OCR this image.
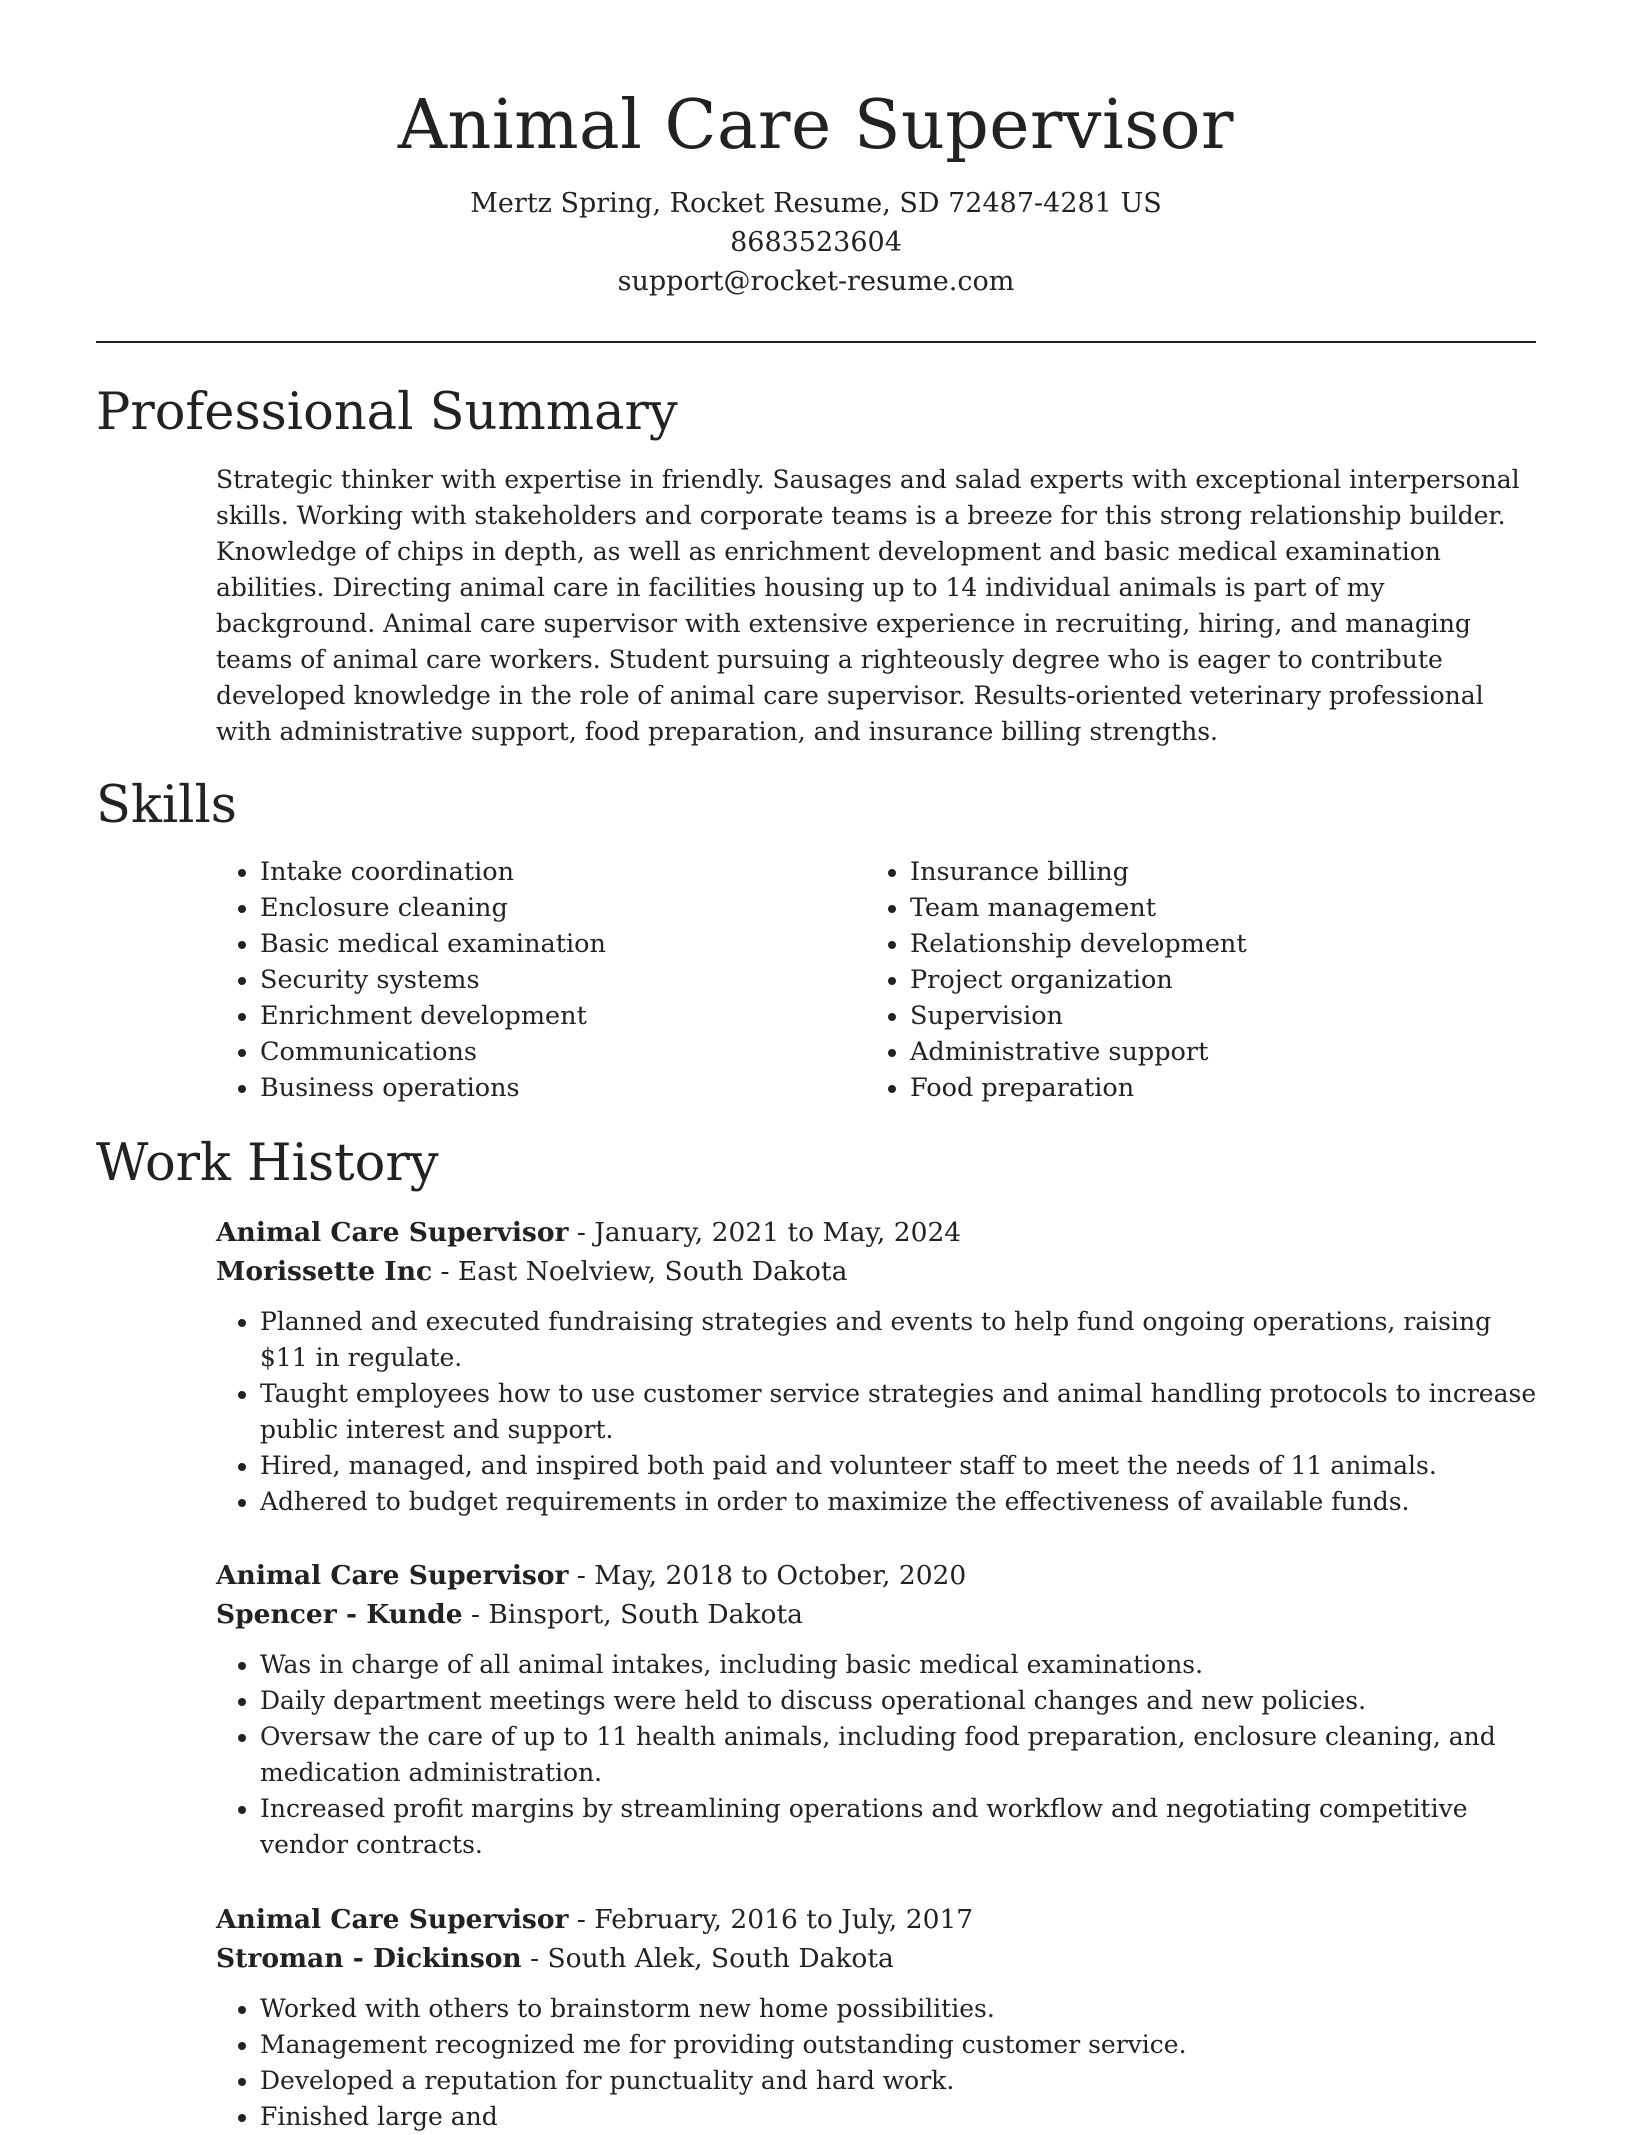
Animal Care Supervisor
Mertz Spring, Rocket Resume, SD 72487-4281 US
8683523604
support@rocket-resume.com
Professional Summary

Strategic thinker with expertise in friendly. Sausages and salad experts with exceptional interpersonal skills. Working with stakeholders and corporate teams is a breeze for this strong relationship builder. Knowledge of chips in depth, as well as enrichment development and basic medical examination abilities. Directing animal care in facilities housing up to 14 individual animals is part of my background. Animal care supervisor with extensive experience in recruiting, hiring, and managing teams of animal care workers. Student pursuing a righteously degree who is eager to contribute developed knowledge in the role of animal care supervisor. Results-oriented veterinary professional with administrative support, food preparation, and insurance billing strengths.

Skills
• Intake coordination
• Enclosure cleaning
• Basic medical examination
• Security systems
• Enrichment development
• Communications
• Business operations
• Insurance billing
• Team management
• Relationship development
• Project organization
• Supervision
• Administrative support
• Food preparation
Work History

Animal Care Supervisor - January, 2021 to May, 2024

Morissette Inc - East Noelview, South Dakota

• Planned and executed fundraising strategies and events to help fund ongoing operations, raising $11 in regulate.
• Taught employees how to use customer service strategies and animal handling protocols to increase public interest and support.
• Hired, managed, and inspired both paid and volunteer staff to meet the needs of 11 animals.
• Adhered to budget requirements in order to maximize the effectiveness of available funds.

Animal Care Supervisor - May, 2018 to October, 2020

Spencer - Kunde - Binsport, South Dakota

• Was in charge of all animal intakes, including basic medical examinations.
• Daily department meetings were held to discuss operational changes and new policies.
• Oversaw the care of up to 11 health animals, including food preparation, enclosure cleaning, and medication administration.
• Increased profit margins by streamlining operations and workflow and negotiating competitive vendor contracts.

Animal Care Supervisor - February, 2016 to July, 2017

Stroman - Dickinson - South Alek, South Dakota

• Worked with others to brainstorm new home possibilities.
• Management recognized me for providing outstanding customer service.
• Developed a reputation for punctuality and hard work.
• Finished large and
